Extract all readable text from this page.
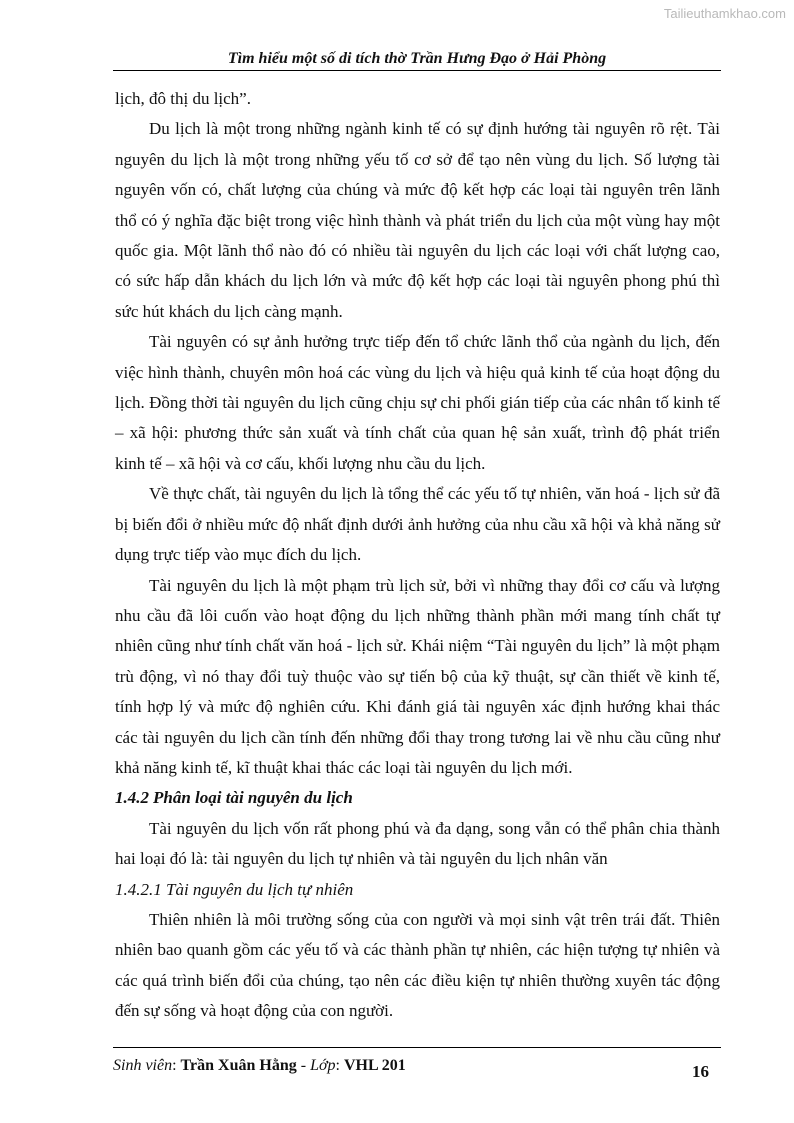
Tailieuthamkhao.com
Tìm hiểu một số di tích thờ Trần Hưng Đạo ở Hải Phòng

lịch, đô thị du lịch”.

Du lịch là một trong những ngành kinh tế có sự định hướng tài nguyên rõ rệt. Tài nguyên du lịch là một trong những yếu tố cơ sở để tạo nên vùng du lịch. Số lượng tài nguyên vốn có, chất lượng của chúng và mức độ kết hợp các loại tài nguyên trên lãnh thổ có ý nghĩa đặc biệt trong việc hình thành và phát triển du lịch của một vùng hay một quốc gia. Một lãnh thổ nào đó có nhiều tài nguyên du lịch các loại với chất lượng cao, có sức hấp dẫn khách du lịch lớn và mức độ kết hợp các loại tài nguyên phong phú thì sức hút khách du lịch càng mạnh.

Tài nguyên có sự ảnh hưởng trực tiếp đến tổ chức lãnh thổ của ngành du lịch, đến việc hình thành, chuyên môn hoá các vùng du lịch và hiệu quả kinh tế của hoạt động du lịch. Đồng thời tài nguyên du lịch cũng chịu sự chi phối gián tiếp của các nhân tố kinh tế – xã hội: phương thức sản xuất và tính chất của quan hệ sản xuất, trình độ phát triển kinh tế – xã hội và cơ cấu, khối lượng nhu cầu du lịch.

Về thực chất, tài nguyên du lịch là tổng thể các yếu tố tự nhiên, văn hoá - lịch sử đã bị biến đổi ở nhiều mức độ nhất định dưới ảnh hưởng của nhu cầu xã hội và khả năng sử dụng trực tiếp vào mục đích du lịch.

Tài nguyên du lịch là một phạm trù lịch sử, bởi vì những thay đổi cơ cấu và lượng nhu cầu đã lôi cuốn vào hoạt động du lịch những thành phần mới mang tính chất tự nhiên cũng như tính chất văn hoá - lịch sử. Khái niệm “Tài nguyên du lịch” là một phạm trù động, vì nó thay đổi tuỳ thuộc vào sự tiến bộ của kỹ thuật, sự cần thiết về kinh tế, tính hợp lý và mức độ nghiên cứu. Khi đánh giá tài nguyên xác định hướng khai thác các tài nguyên du lịch cần tính đến những đổi thay trong tương lai về nhu cầu cũng như khả năng kinh tế, kĩ thuật khai thác các loại tài nguyên du lịch mới.

1.4.2 Phân loại tài nguyên du lịch

Tài nguyên du lịch vốn rất phong phú và đa dạng, song vẫn có thể phân chia thành hai loại đó là: tài nguyên du lịch tự nhiên và tài nguyên du lịch nhân văn

1.4.2.1 Tài nguyên du lịch tự nhiên

Thiên nhiên là môi trường sống của con người và mọi sinh vật trên trái đất. Thiên nhiên bao quanh gồm các yếu tố và các thành phần tự nhiên, các hiện tượng tự nhiên và các quá trình biến đổi của chúng, tạo nên các điều kiện tự nhiên thường xuyên tác động đến sự sống và hoạt động của con người.

Sinh viên: Trần Xuân Hằng - Lớp: VHL 201	16
